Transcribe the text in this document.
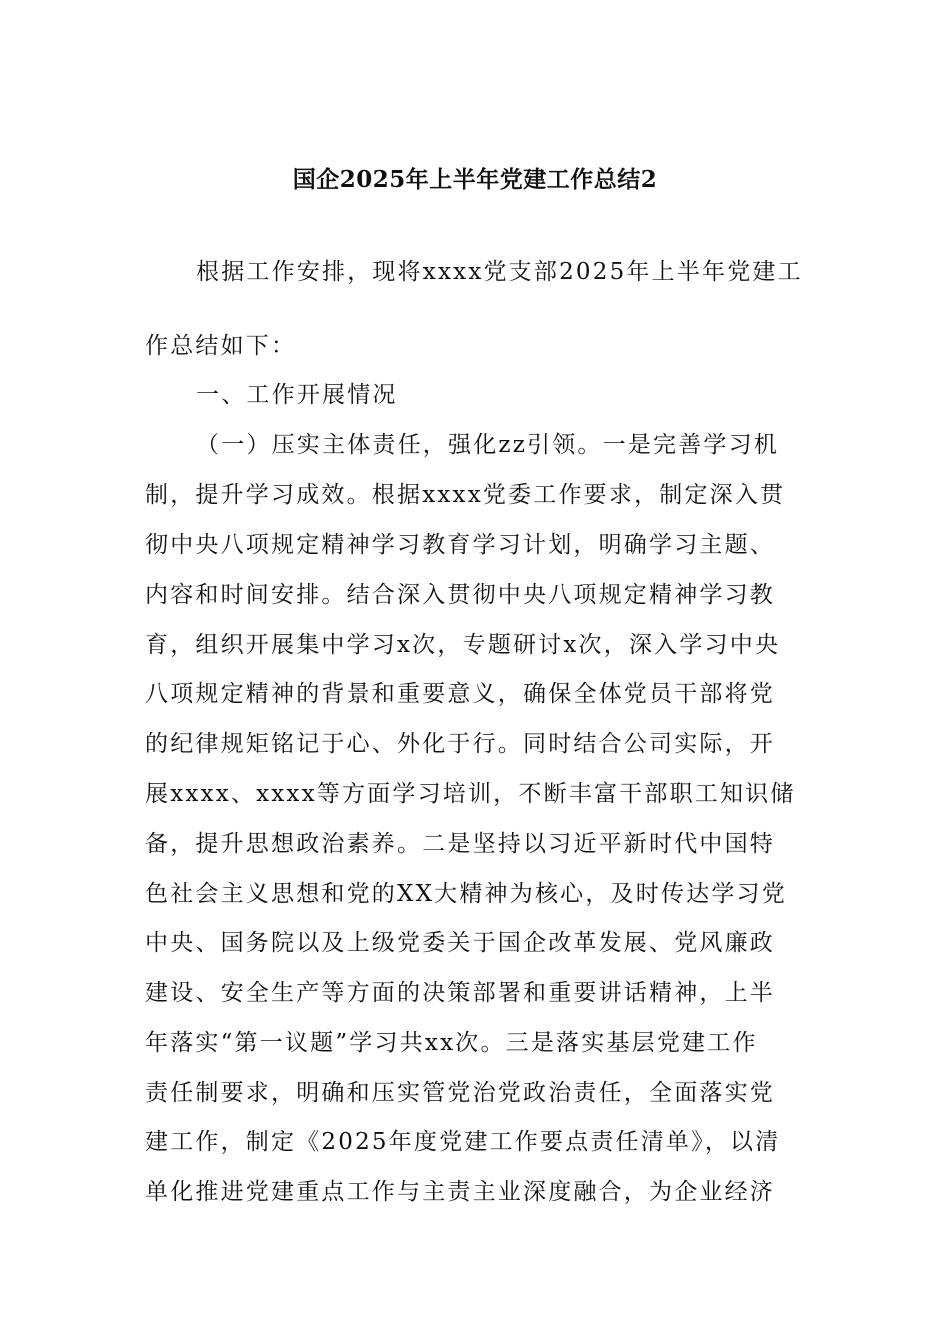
国企2025年上半年党建工作总结2
根据工作安排，现将xxxx党支部2025年上半年党建工
作总结如下：
一、工作开展情况
（一）压实主体责任，强化zz引领。一是完善学习机
制，提升学习成效。根据xxxx党委工作要求，制定深入贯
彻中央八项规定精神学习教育学习计划，明确学习主题、
内容和时间安排。结合深入贯彻中央八项规定精神学习教
育，组织开展集中学习x次，专题研讨x次，深入学习中央
八项规定精神的背景和重要意义，确保全体党员干部将党
的纪律规矩铭记于心、外化于行。同时结合公司实际，开
展xxxx、xxxx等方面学习培训，不断丰富干部职工知识储
备，提升思想政治素养。二是坚持以习近平新时代中国特
色社会主义思想和党的XX大精神为核心，及时传达学习党
中央、国务院以及上级党委关于国企改革发展、党风廉政
建设、安全生产等方面的决策部署和重要讲话精神，上半
年落实“第一议题”学习共xx次。三是落实基层党建工作
责任制要求，明确和压实管党治党政治责任，全面落实党
建工作，制定《2025年度党建工作要点责任清单》，以清
单化推进党建重点工作与主责主业深度融合，为企业经济
